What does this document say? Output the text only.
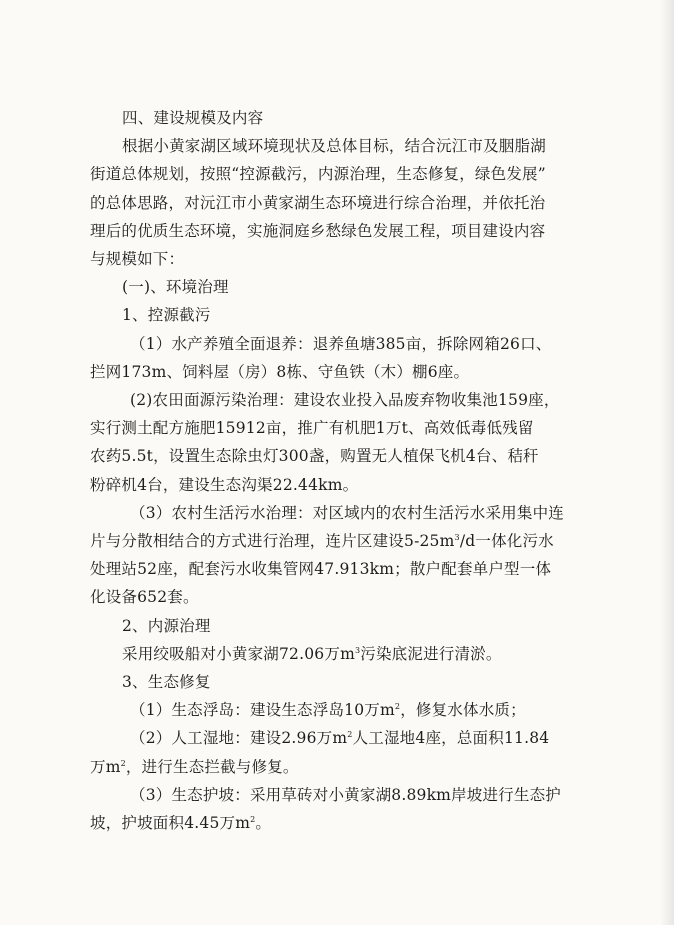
四、建设规模及内容
根据小黄家湖区域环境现状及总体目标，结合沅江市及胭脂湖
街道总体规划，按照“控源截污，内源治理，生态修复，绿色发展”
的总体思路，对沅江市小黄家湖生态环境进行综合治理，并依托治
理后的优质生态环境，实施洞庭乡愁绿色发展工程，项目建设内容
与规模如下：
(一)、环境治理
1、控源截污
（1）水产养殖全面退养：退养鱼塘385亩，拆除网箱26口、
拦网173m、饲料屋（房）8栋、守鱼铁（木）棚6座。
(2)农田面源污染治理：建设农业投入品废弃物收集池159座，
实行测土配方施肥15912亩，推广有机肥1万t、高效低毒低残留
农药5.5t，设置生态除虫灯300盏，购置无人植保飞机4台、秸秆
粉碎机4台，建设生态沟渠22.44km。
（3）农村生活污水治理：对区域内的农村生活污水采用集中连
片与分散相结合的方式进行治理，连片区建设$5-25m^3/d$一体化污水
处理站52座，配套污水收集管网47.913km；散户配套单户型一体
化设备652套。
2、内源治理
采用绞吸船对小黄家湖72.06万$m^3$污染底泥进行清淤。
3、生态修复
（1）生态浮岛：建设生态浮岛10万$m^2$，修复水体水质；
（2）人工湿地：建设2.96万$m^2$人工湿地4座，总面积11.84
万$m^2$，进行生态拦截与修复。
（3）生态护坡：采用草砖对小黄家湖8.89km岸坡进行生态护
坡，护坡面积4.45万$m^2$。
